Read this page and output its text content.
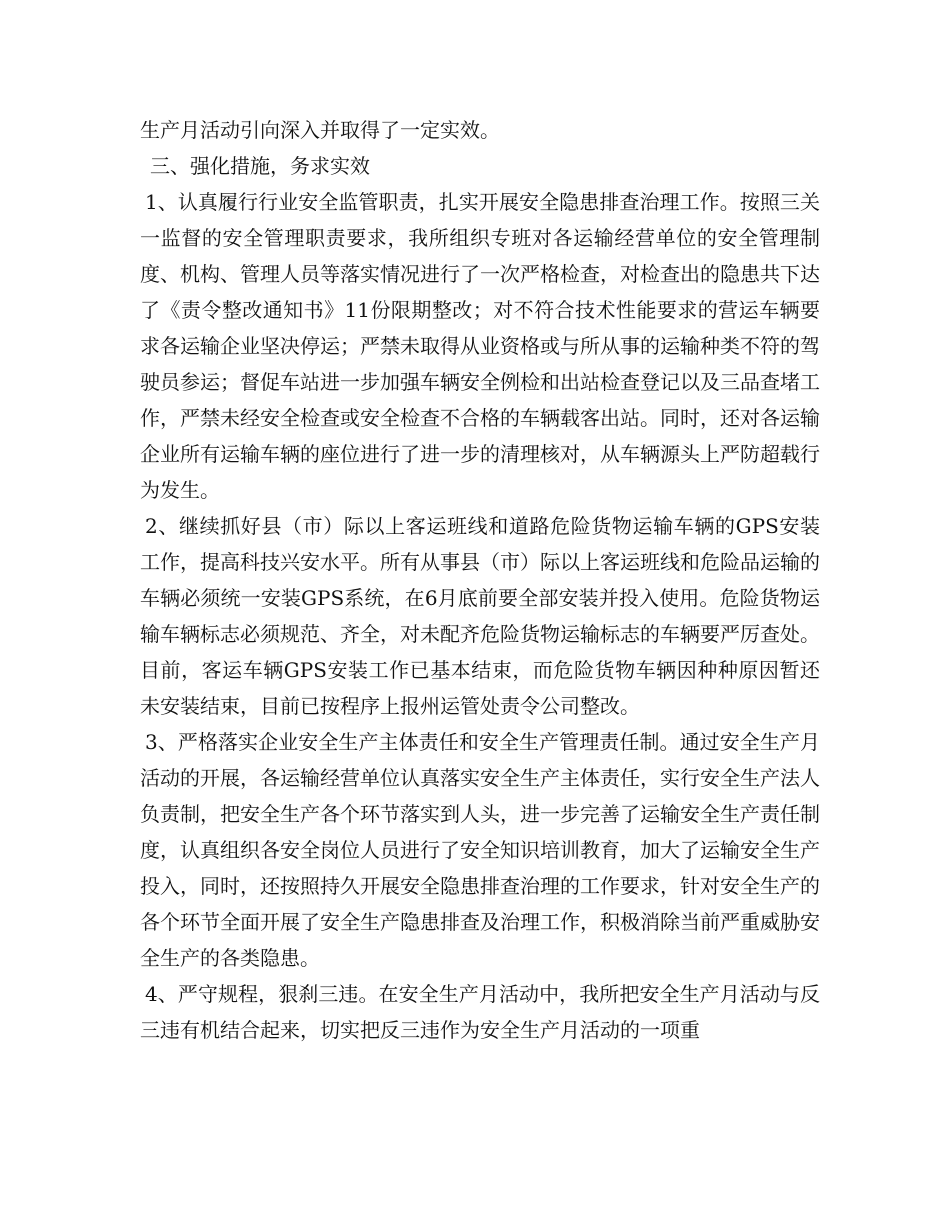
生产月活动引向深入并取得了一定实效。

三、强化措施，务求实效

1、认真履行行业安全监管职责，扎实开展安全隐患排查治理工作。按照三关一监督的安全管理职责要求，我所组织专班对各运输经营单位的安全管理制度、机构、管理人员等落实情况进行了一次严格检查，对检查出的隐患共下达了《责令整改通知书》11份限期整改；对不符合技术性能要求的营运车辆要求各运输企业坚决停运；严禁未取得从业资格或与所从事的运输种类不符的驾驶员参运；督促车站进一步加强车辆安全例检和出站检查登记以及三品查堵工作，严禁未经安全检查或安全检查不合格的车辆载客出站。同时，还对各运输企业所有运输车辆的座位进行了进一步的清理核对，从车辆源头上严防超载行为发生。

2、继续抓好县（市）际以上客运班线和道路危险货物运输车辆的GPS安装工作，提高科技兴安水平。所有从事县（市）际以上客运班线和危险品运输的车辆必须统一安装GPS系统，在6月底前要全部安装并投入使用。危险货物运输车辆标志必须规范、齐全，对未配齐危险货物运输标志的车辆要严厉查处。目前，客运车辆GPS安装工作已基本结束，而危险货物车辆因种种原因暂还未安装结束，目前已按程序上报州运管处责令公司整改。

3、严格落实企业安全生产主体责任和安全生产管理责任制。通过安全生产月活动的开展，各运输经营单位认真落实安全生产主体责任，实行安全生产法人负责制，把安全生产各个环节落实到人头，进一步完善了运输安全生产责任制度，认真组织各安全岗位人员进行了安全知识培训教育，加大了运输安全生产投入，同时，还按照持久开展安全隐患排查治理的工作要求，针对安全生产的各个环节全面开展了安全生产隐患排查及治理工作，积极消除当前严重威胁安全生产的各类隐患。

4、严守规程，狠刹三违。在安全生产月活动中，我所把安全生产月活动与反三违有机结合起来，切实把反三违作为安全生产月活动的一项重
